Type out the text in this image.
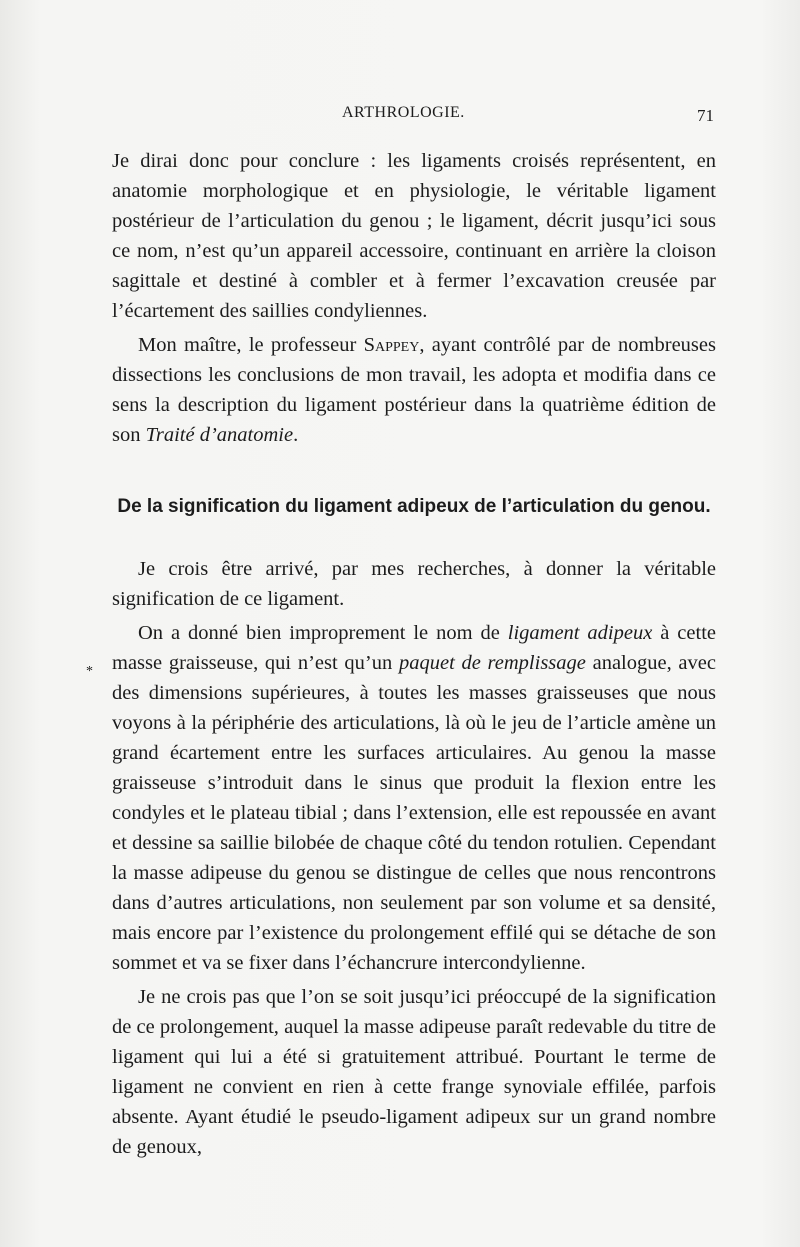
ARTHROLOGIE.	71
*

Je dirai donc pour conclure : les ligaments croisés représentent, en anatomie morphologique et en physiologie, le véritable ligament postérieur de l’articulation du genou ; le ligament, décrit jusqu’ici sous ce nom, n’est qu’un appareil accessoire, continuant en arrière la cloison sagittale et destiné à combler et à fermer l’excavation creusée par l’écartement des saillies condyliennes.

Mon maître, le professeur Sappey, ayant contrôlé par de nombreuses dissections les conclusions de mon travail, les adopta et modifia dans ce sens la description du ligament postérieur dans la quatrième édition de son Traité d’anatomie.

De la signification du ligament adipeux de l’articulation du genou.

Je crois être arrivé, par mes recherches, à donner la véritable signification de ce ligament.

On a donné bien improprement le nom de ligament adipeux à cette masse graisseuse, qui n’est qu’un paquet de remplissage analogue, avec des dimensions supérieures, à toutes les masses graisseuses que nous voyons à la périphérie des articulations, là où le jeu de l’article amène un grand écartement entre les surfaces articulaires. Au genou la masse graisseuse s’introduit dans le sinus que produit la flexion entre les condyles et le plateau tibial ; dans l’extension, elle est repoussée en avant et dessine sa saillie bilobée de chaque côté du tendon rotulien. Cependant la masse adipeuse du genou se distingue de celles que nous rencontrons dans d’autres articulations, non seulement par son volume et sa densité, mais encore par l’existence du prolongement effilé qui se détache de son sommet et va se fixer dans l’échancrure intercondylienne.

Je ne crois pas que l’on se soit jusqu’ici préoccupé de la signification de ce prolongement, auquel la masse adipeuse paraît redevable du titre de ligament qui lui a été si gratuitement attribué. Pourtant le terme de ligament ne convient en rien à cette frange synoviale effilée, parfois absente. Ayant étudié le pseudo-ligament adipeux sur un grand nombre de genoux,
